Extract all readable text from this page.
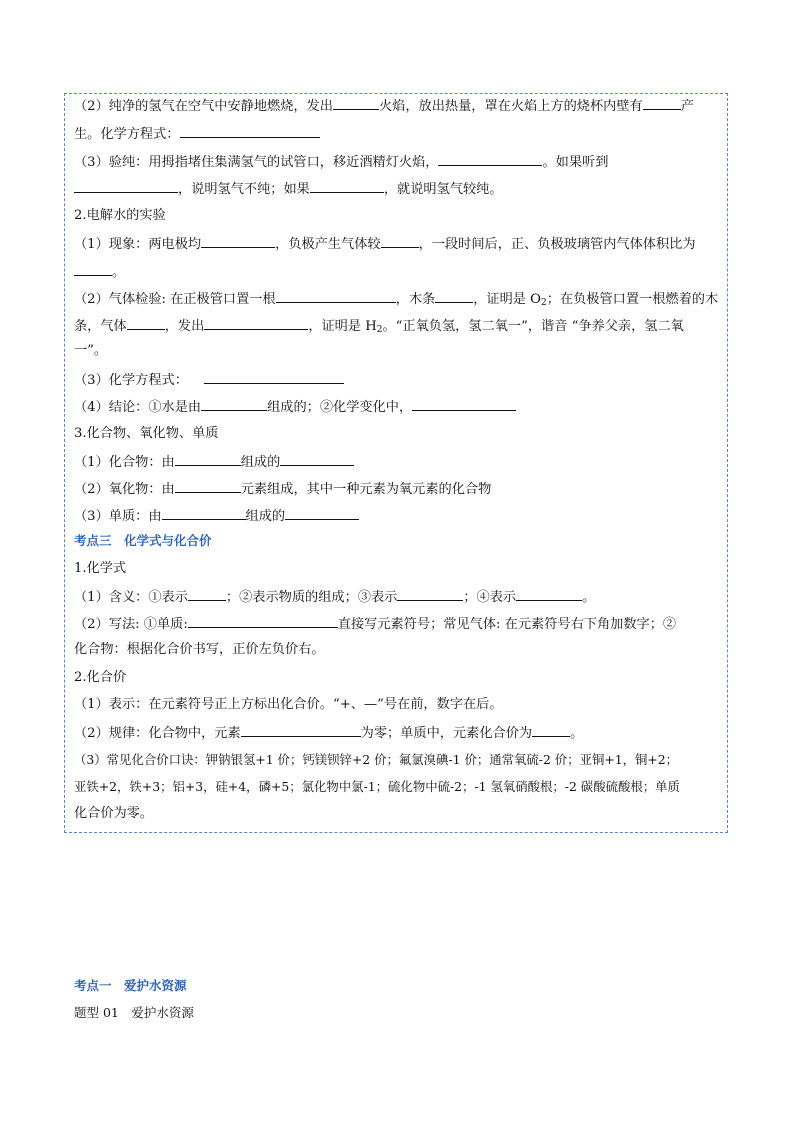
（2）纯净的氢气在空气中安静地燃烧，发出	火焰，放出热量，罩在火焰上方的烧杯内壁有	产
生。化学方程式：
（3）验纯：用拇指堵住集满氢气的试管口，移近酒精灯火焰，	。如果听到
，说明氢气不纯；如果	，就说明氢气较纯。
2.电解水的实验
（1）现象：两电极均	，负极产生气体较	，一段时间后，正、负极玻璃管内气体体积比为
。
（2）气体检验: 在正极管口置一根	，木条	，证明是 $O_2$；在负极管口置一根燃着的木
条，气体	，发出	，证明是 $H_2$。“正氧负氢，氢二氧一”，谐音 “争养父亲，氢二氧
一”。
（3）化学方程式：
（4）结论：①水是由	组成的；②化学变化中，
3.化合物、氧化物、单质
（1）化合物：由	组成的
（2）氧化物：由	元素组成，其中一种元素为氧元素的化合物
（3）单质：由	组成的
考点三　化学式与化合价
1.化学式
（1）含义：①表示	；②表示物质的组成；③表示	；④表示	。
（2）写法: ①单质:	直接写元素符号；常见气体: 在元素符号右下角加数字；②
化合物：根据化合价书写，正价左负价右。
2.化合价
（1）表示：在元素符号正上方标出化合价。“+、—”号在前，数字在后。
（2）规律：化合物中，元素	为零；单质中，元素化合价为	。
（3）常见化合价口诀：钾钠银氢+1 价；钙镁钡锌+2 价；氟氯溴碘-1 价；通常氧硫-2 价；亚铜+1，铜+2；
亚铁+2，铁+3；铝+3，硅+4，磷+5；氯化物中氯-1；硫化物中硫-2；-1 氢氧硝酸根；-2 碳酸硫酸根；单质
化合价为零。
考点一　爱护水资源
题型 01　爱护水资源
